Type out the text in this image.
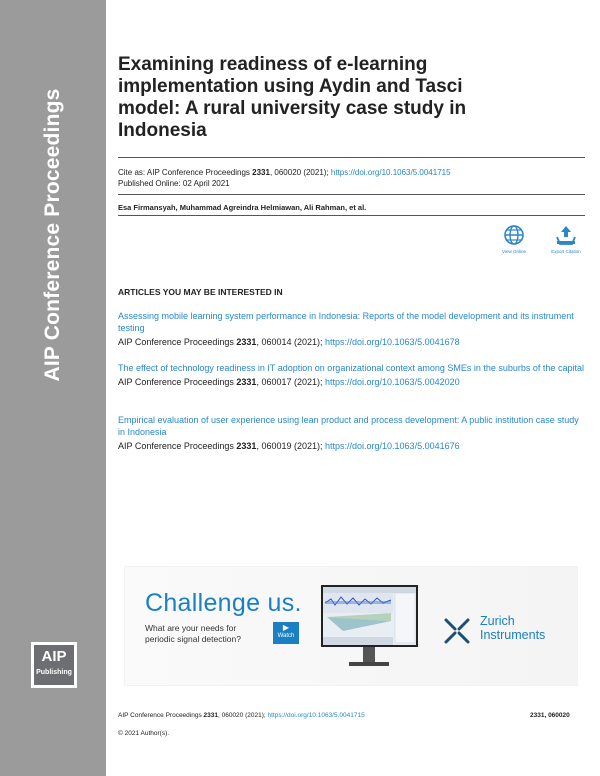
AIP Conference Proceedings
AIP
Publishing
Examining readiness of e-learning implementation using Aydin and Tasci model: A rural university case study in Indonesia
Cite as: AIP Conference Proceedings 2331, 060020 (2021); https://doi.org/10.1063/5.0041715
Published Online: 02 April 2021
Esa Firmansyah, Muhammad Agreindra Helmiawan, Ali Rahman, et al.
View Online	Export Citation
ARTICLES YOU MAY BE INTERESTED IN
Assessing mobile learning system performance in Indonesia: Reports of the model development and its instrument testing
AIP Conference Proceedings 2331, 060014 (2021); https://doi.org/10.1063/5.0041678
The effect of technology readiness in IT adoption on organizational context among SMEs in the suburbs of the capital
AIP Conference Proceedings 2331, 060017 (2021); https://doi.org/10.1063/5.0042020
Empirical evaluation of user experience using lean product and process development: A public institution case study in Indonesia
AIP Conference Proceedings 2331, 060019 (2021); https://doi.org/10.1063/5.0041676
Challenge us.
What are your needs for periodic signal detection?
▶
Watch
Zurich
Instruments
AIP Conference Proceedings 2331, 060020 (2021); https://doi.org/10.1063/5.0041715	2331, 060020
© 2021 Author(s).
